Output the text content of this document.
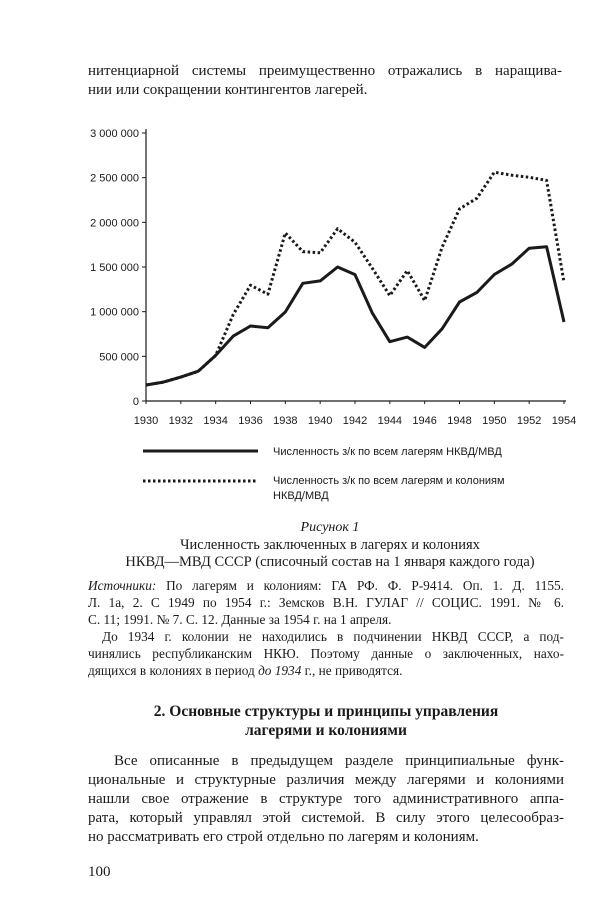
нитенциарной системы преимущественно отражались в наращива-
нии или сокращении контингентов лагерей.
0
500 000
1 000 000
1 500 000
2 000 000
2 500 000
3 000 000
1930 1932 1934 1936 1938 1940 1942 1944 1946 1948 1950 1952 1954
Численность з/к по всем лагерям НКВД/МВД
Численность з/к по всем лагерям и колониям
НКВД/МВД
Рисунок 1
Численность заключенных в лагерях и колониях
НКВД—МВД СССР (списочный состав на 1 января каждого года)
Источники: По лагерям и колониям: ГА РФ. Ф. Р-9414. Оп. 1. Д. 1155.
Л. 1а, 2. С 1949 по 1954 г.: Земсков В.Н. ГУЛАГ // СОЦИС. 1991. № 6.
С. 11; 1991. № 7. С. 12. Данные за 1954 г. на 1 апреля.
До 1934 г. колонии не находились в подчинении НКВД СССР, а под-
чинялись республиканским НКЮ. Поэтому данные о заключенных, нахо-
дящихся в колониях в период до 1934 г., не приводятся.
2. Основные структуры и принципы управления
лагерями и колониями
Все описанные в предыдущем разделе принципиальные функ-
циональные и структурные различия между лагерями и колониями
нашли свое отражение в структуре того административного аппа-
рата, который управлял этой системой. В силу этого целесообраз-
но рассматривать его строй отдельно по лагерям и колониям.
100
